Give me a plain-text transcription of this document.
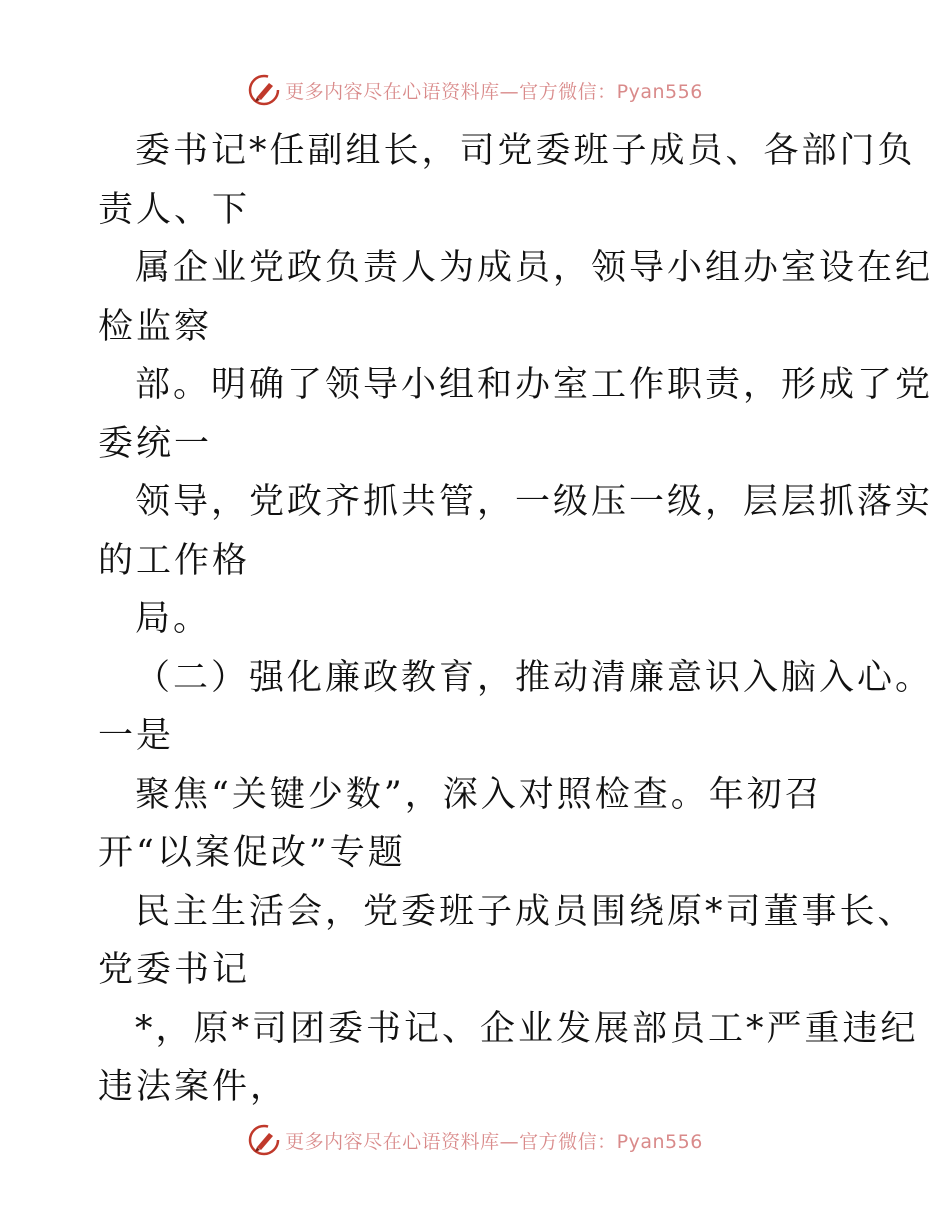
更多内容尽在心语资料库—官方微信：Pyan556
委书记*任副组长，司党委班子成员、各部门负
责人、下
属企业党政负责人为成员，领导小组办室设在纪
检监察
部。明确了领导小组和办室工作职责，形成了党
委统一
领导，党政齐抓共管，一级压一级，层层抓落实
的工作格
局。
（二）强化廉政教育，推动清廉意识入脑入心。
一是
聚焦“关键少数”，深入对照检查。年初召
开“以案促改”专题
民主生活会，党委班子成员围绕原*司董事长、
党委书记
*，原*司团委书记、企业发展部员工*严重违纪
违法案件，
更多内容尽在心语资料库—官方微信：Pyan556
